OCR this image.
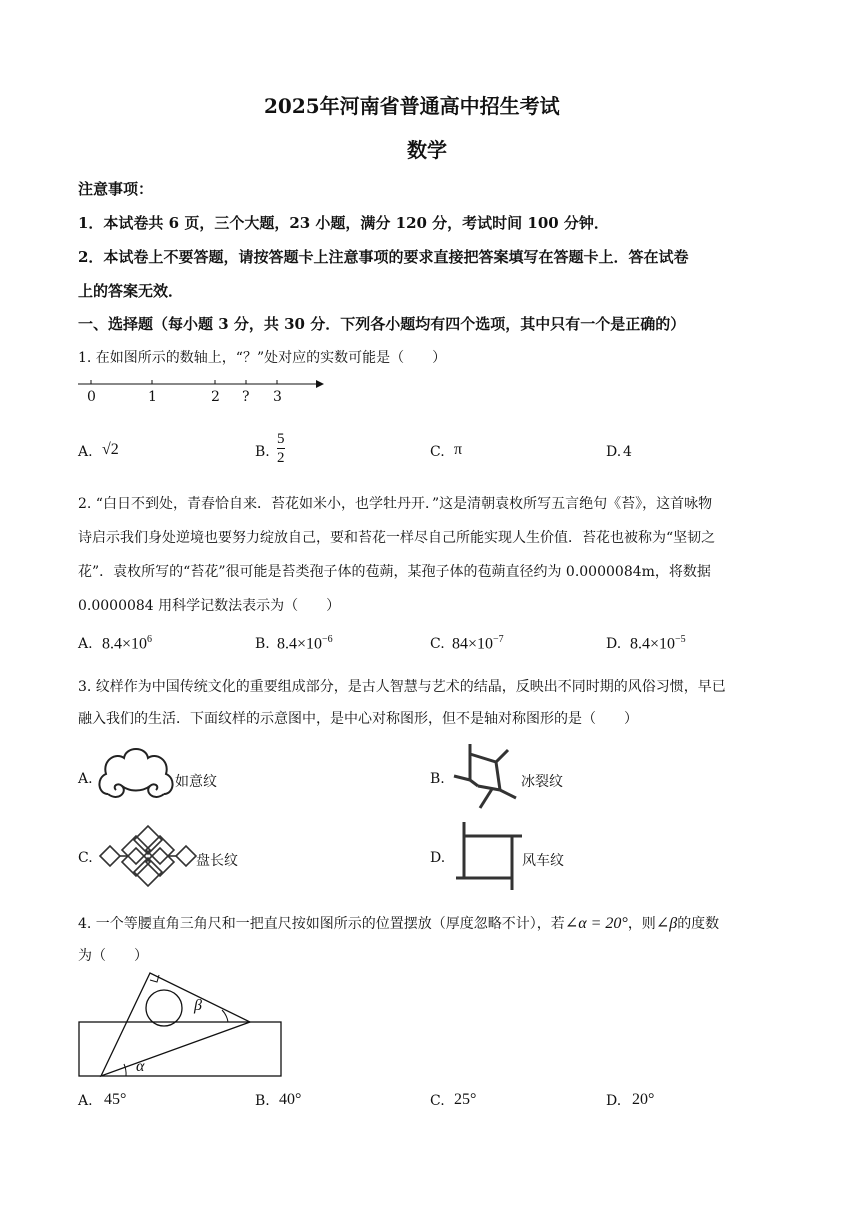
2025年河南省普通高中招生考试
数学
注意事项：
1．本试卷共 6 页，三个大题，23 小题，满分 120 分，考试时间 100 分钟．
2．本试卷上不要答题，请按答题卡上注意事项的要求直接把答案填写在答题卡上．答在试卷
上的答案无效．
一、选择题（每小题 3 分，共 30 分．下列各小题均有四个选项，其中只有一个是正确的）
1. 在如图所示的数轴上，“？”处对应的实数可能是（　　）
0	1	2 ? 3
A. √2	B. $\frac{5}{2}$	C. π	D. 4
2. “白日不到处，青春恰自来．苔花如米小，也学牡丹开．”这是清朝袁枚所写五言绝句《苔》，这首咏物
诗启示我们身处逆境也要努力绽放自己，要和苔花一样尽自己所能实现人生价值．苔花也被称为“坚韧之
花”．袁枚所写的“苔花”很可能是苔类孢子体的苞蒴，某孢子体的苞蒴直径约为 0.0000084m，将数据
0.0000084 用科学记数法表示为（　　）
A. $8.4\times 10^6$	B. $8.4\times 10^{-6}$	C. $84\times 10^{-7}$	D. $8.4\times 10^{-5}$
3. 纹样作为中国传统文化的重要组成部分，是古人智慧与艺术的结晶，反映出不同时期的风俗习惯，早已
融入我们的生活．下面纹样的示意图中，是中心对称图形，但不是轴对称图形的是（　　）
A.	如意纹	B.	冰裂纹
C.	盘长纹	D.	风车纹
4. 一个等腰直角三角尺和一把直尺按如图所示的位置摆放（厚度忽略不计），若∠α = 20°，则∠β的度数
为（　　）
β
α
A. 45°	B. 40°	C. 25°	D. 20°
